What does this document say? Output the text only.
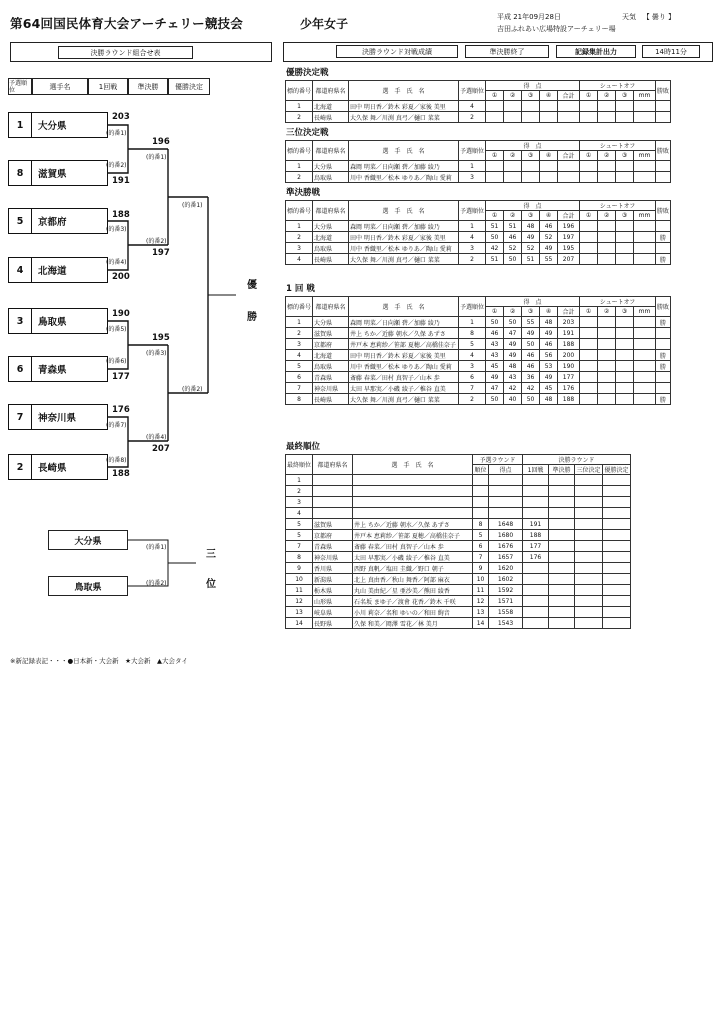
第64回国民体育大会アーチェリー競技会	少年女子	平成 21年09月28日
吉田ふれあい広場特設アーチェリー場
天気 【 曇り 】
決勝ラウンド組合せ表	決勝ラウンド対戦成績	準決勝終了	記録集計出力	14時11分
予選順位	選手名	1回戦	準決勝	優勝決定
1	大分県
8	滋賀県
5	京都府
4	北海道
3	鳥取県
6	青森県
7	神奈川県
2	長崎県
203
(的番1)
(的番2)
191
188
(的番3)
(的番4)
200
190
(的番5)
(的番6)
177
176
(的番7)
(的番8)
188
196
(的番1)
(的番2)
197
195
(的番3)
(的番4)
207
(的番1)
(的番2)
優
勝
大分県
(的番1)
鳥取県	(的番2)
三
位
優勝決定戦
標的番号	都道府県名	選　手　氏　名	予選順位	得　点					シュートオフ				勝敗
				①	②	③	④	合計	①	②	③	mm	
1	北海道	田中 明日香／鈴木 彩夏／家後 美里	4										
2	長崎県	大久保 舞／川渕 真弓／樋口 菜菜	2										
三位決定戦
標的番号	都道府県名	選　手　氏　名	予選順位	得　点					シュートオフ				勝敗
				①	②	③	④	合計	①	②	③	mm	
1	大分県	森岡 明菜／日向瀬 碧／加藤 綾乃	1										
2	鳥取県	川中 香織里／松本 ゆりあ／陶山 愛莉	3										
準決勝戦
標的番号	都道府県名	選　手　氏　名	予選順位	得　点					シュートオフ				勝敗
				①	②	③	④	合計	①	②	③	mm	
1	大分県	森岡 明菜／日向瀬 碧／加藤 綾乃	1	51	51	48	46	196					
2	北海道	田中 明日香／鈴木 彩夏／家後 美里	4	50	46	49	52	197					勝
3	鳥取県	川中 香織里／松本 ゆりあ／陶山 愛莉	3	42	52	52	49	195					
4	長崎県	大久保 舞／川渕 真弓／樋口 菜菜	2	51	50	51	55	207					勝
1 回 戦
標的番号	都道府県名	選　手　氏　名	予選順位	得　点					シュートオフ				勝敗
				①	②	③	④	合計	①	②	③	mm	
1	大分県	森岡 明菜／日向瀬 碧／加藤 綾乃	1	50	50	55	48	203					勝
2	滋賀県	井上 ちか／近藤 朝水／久保 あずさ	8	46	47	49	49	191					
3	京都府	井戸本 恵莉紗／笹部 夏穂／高橋佳奈子	5	43	49	50	46	188					
4	北海道	田中 明日香／鈴木 彩夏／家後 美里	4	43	49	46	56	200					勝
5	鳥取県	川中 香織里／松本 ゆりあ／陶山 愛莉	3	45	48	46	53	190					勝
6	青森県	斎藤 春菜／田村 真智子／山本 歩	6	49	43	36	49	177					
7	神奈川県	太田 早那実／小磯 綾子／椎谷 直美	7	47	42	42	45	176					
8	長崎県	大久保 舞／川渕 真弓／樋口 菜菜	2	50	40	50	48	188					勝
最終順位
最終順位	都道府県名	選　手　氏　名	予選ラウンド		決勝ラウンド			
			順位	得点	1回戦	準決勝	三位決定	優勝決定
1								
2								
3								
4								
5	滋賀県	井上 ちか／近藤 朝水／久保 あずさ	8	1648	191			
5	京都府	井戸本 恵莉紗／笹部 夏穂／高橋佳奈子	5	1680	188			
7	青森県	斎藤 春菜／田村 真智子／山本 歩	6	1676	177			
8	神奈川県	太田 早那実／小磯 綾子／椎谷 直美	7	1657	176			
9	香川県	西野 真帆／塩田 圭織／野口 朝子	9	1620				
10	新潟県	北上 真由香／秋山 舞香／阿部 麻衣	10	1602				
11	栃木県	丸山 美由紀／星 亜沙美／熊田 綾香	11	1592				
12	山形県	石名坂 まゆ子／渡會 花香／鈴木 千咲	12	1571				
13	岐阜県	小川 莉奈／名和 ゆいの／和田 絢音	13	1558				
14	長野県	久保 和美／岡澤 雪花／林 美月	14	1543				
※新記録表記・・・●日本新・大会新　★大会新　▲大会タイ
